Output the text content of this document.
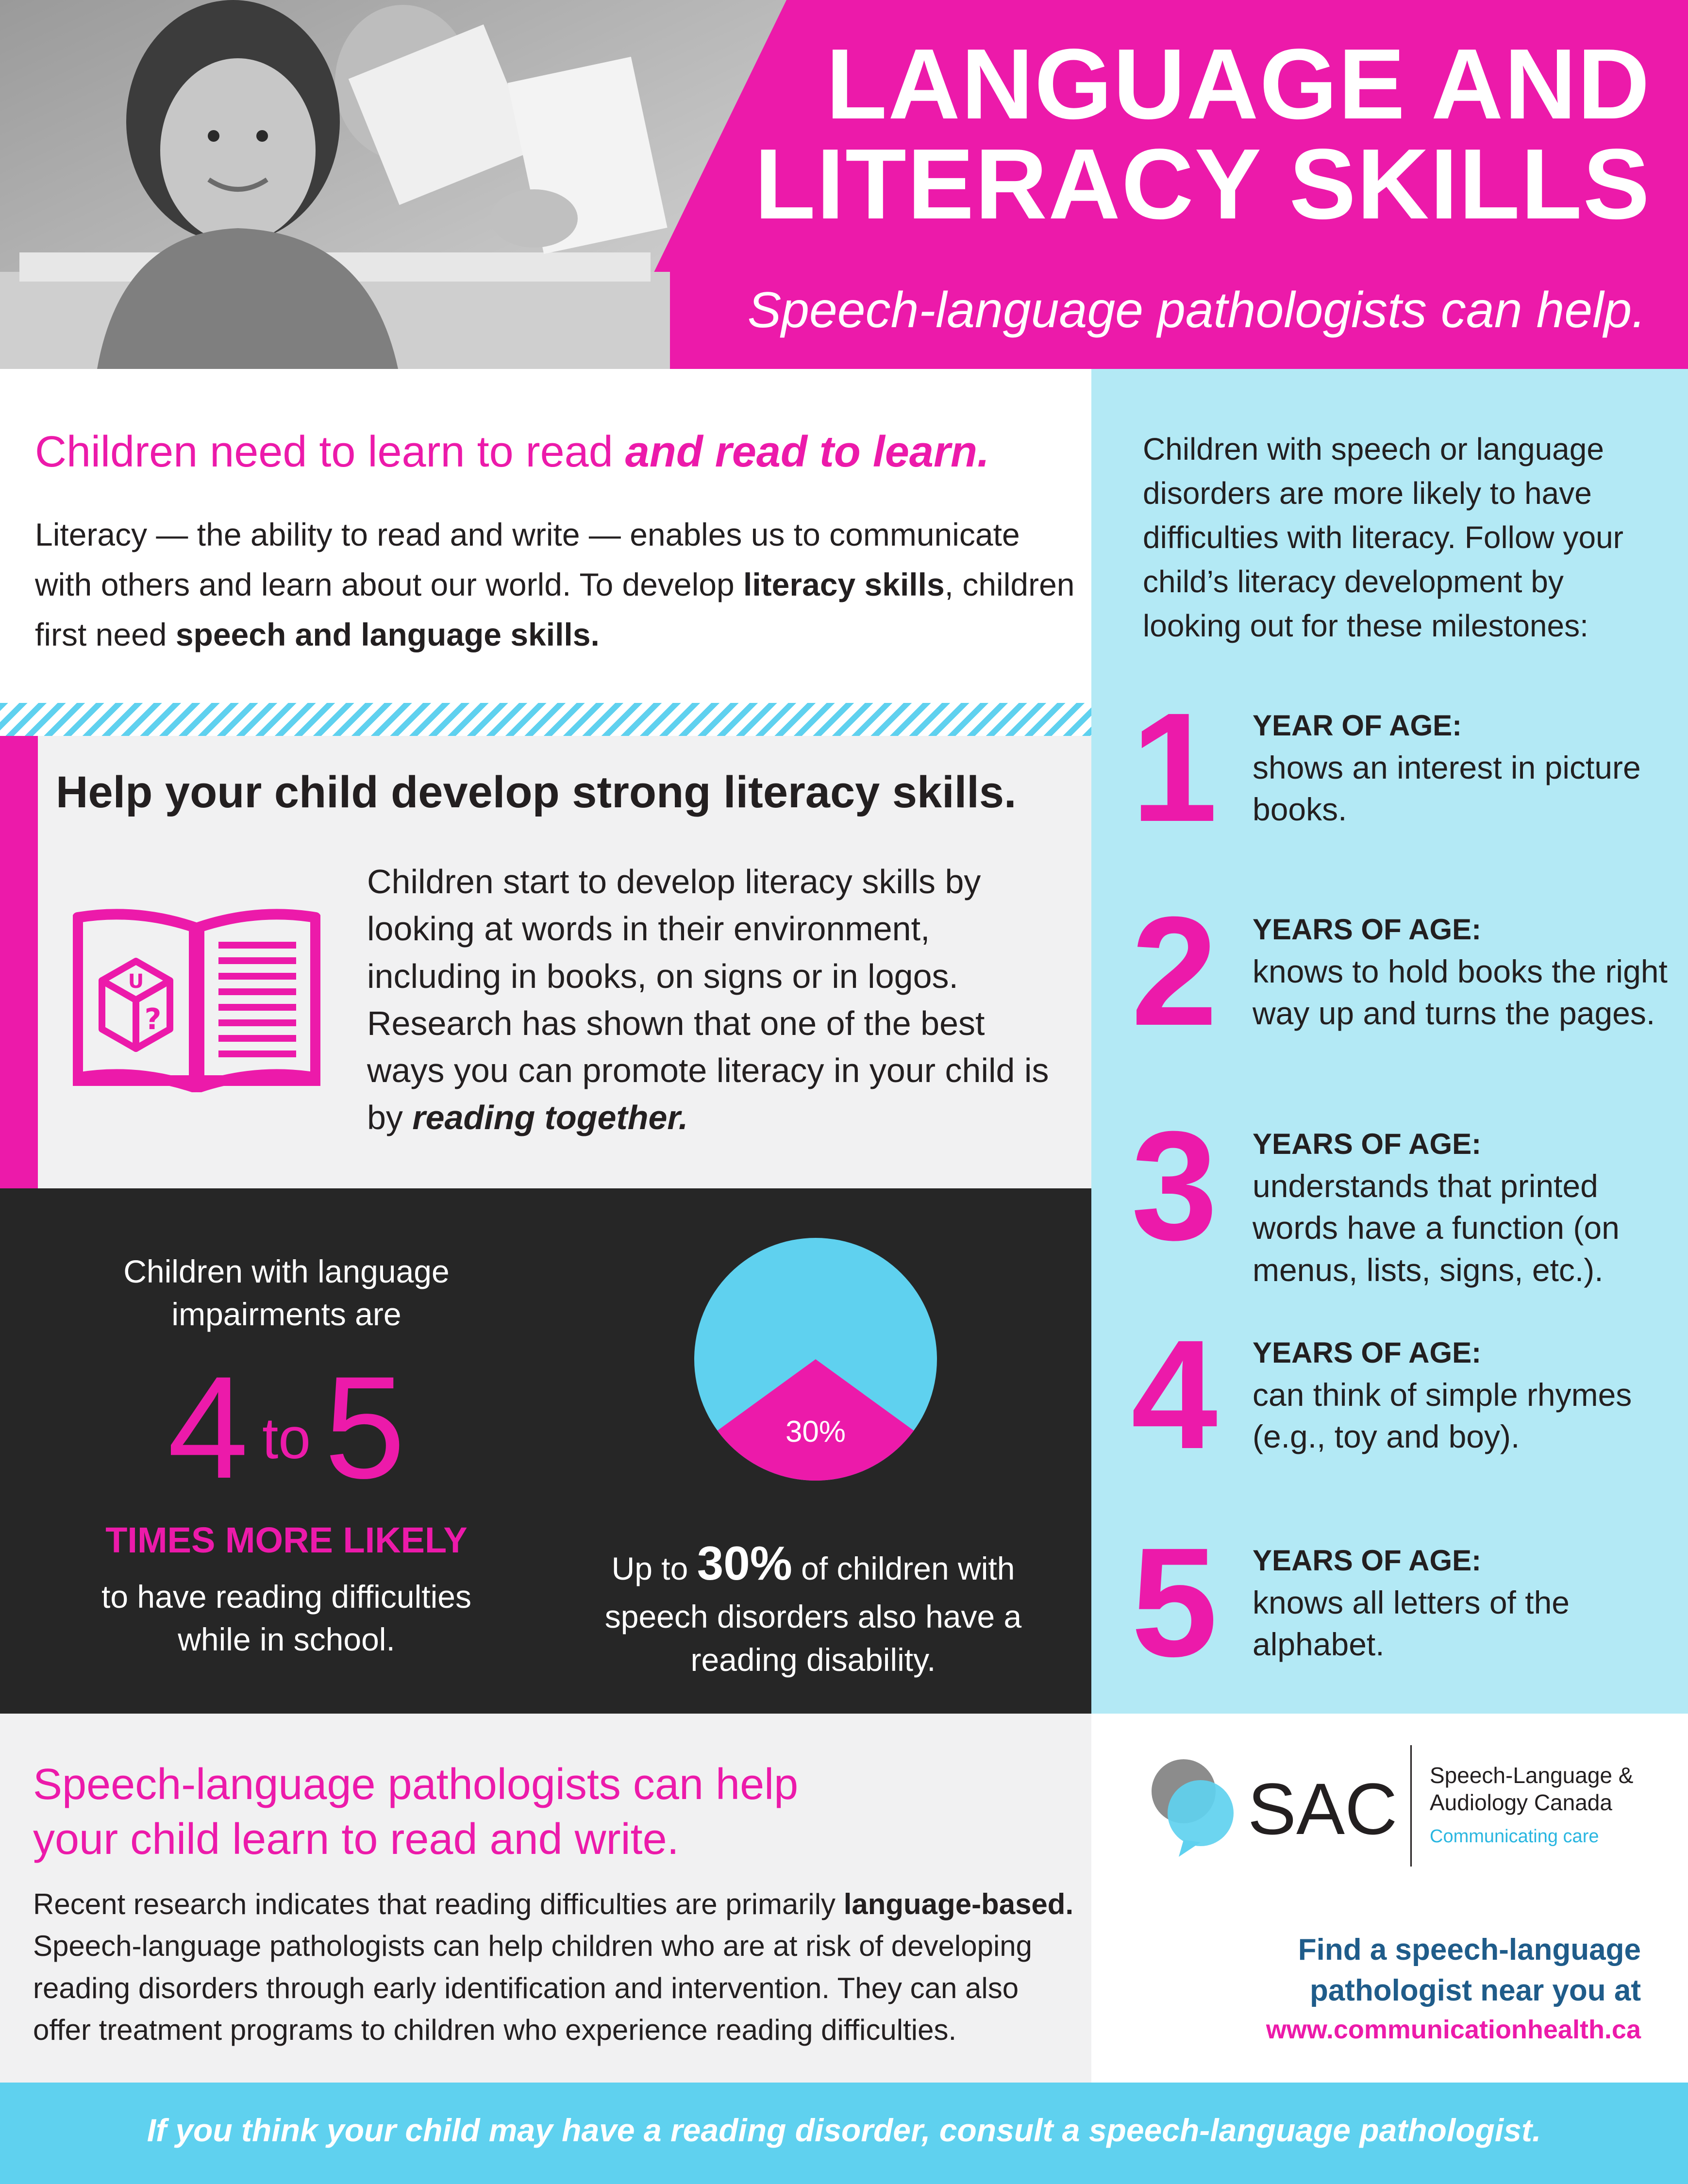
LANGUAGE AND
LITERACY SKILLS
Speech-language pathologists can help.
Children with speech or language disorders are more likely to have difficulties with literacy. Follow your child’s literacy development by looking out for these milestones:
1 YEAR OF AGE:
shows an interest in picture books.
2 YEARS OF AGE:
knows to hold books the right way up and turns the pages.
3 YEARS OF AGE:
understands that printed words have a function (on menus, lists, signs, etc.).
4 YEARS OF AGE:
can think of simple rhymes (e.g., toy and boy).
5 YEARS OF AGE:
knows all letters of the alphabet.
Children need to learn to read and read to learn.
Literacy — the ability to read and write — enables us to communicate with others and learn about our world. To develop literacy skills, children first need speech and language skills.
Help your child develop strong literacy skills.
?
U
Children start to develop literacy skills by looking at words in their environment, including in books, on signs or in logos. Research has shown that one of the best ways you can promote literacy in your child is by reading together.
Children with language impairments are
4 to5
TIMES MORE LIKELY
to have reading difficulties while in school.
30%
Up to 30% of children with speech disorders also have a reading disability.
Speech-language pathologists can help
your child learn to read and write.
Recent research indicates that reading difficulties are primarily language-based. Speech-language pathologists can help children who are at risk of developing reading disorders through early identification and intervention. They can also offer treatment programs to children who experience reading difficulties.
SAC Speech-Language &
Audiology Canada
Communicating care
Find a speech-language
pathologist near you at
www.communicationhealth.ca
If you think your child may have a reading disorder, consult a speech-language pathologist.
